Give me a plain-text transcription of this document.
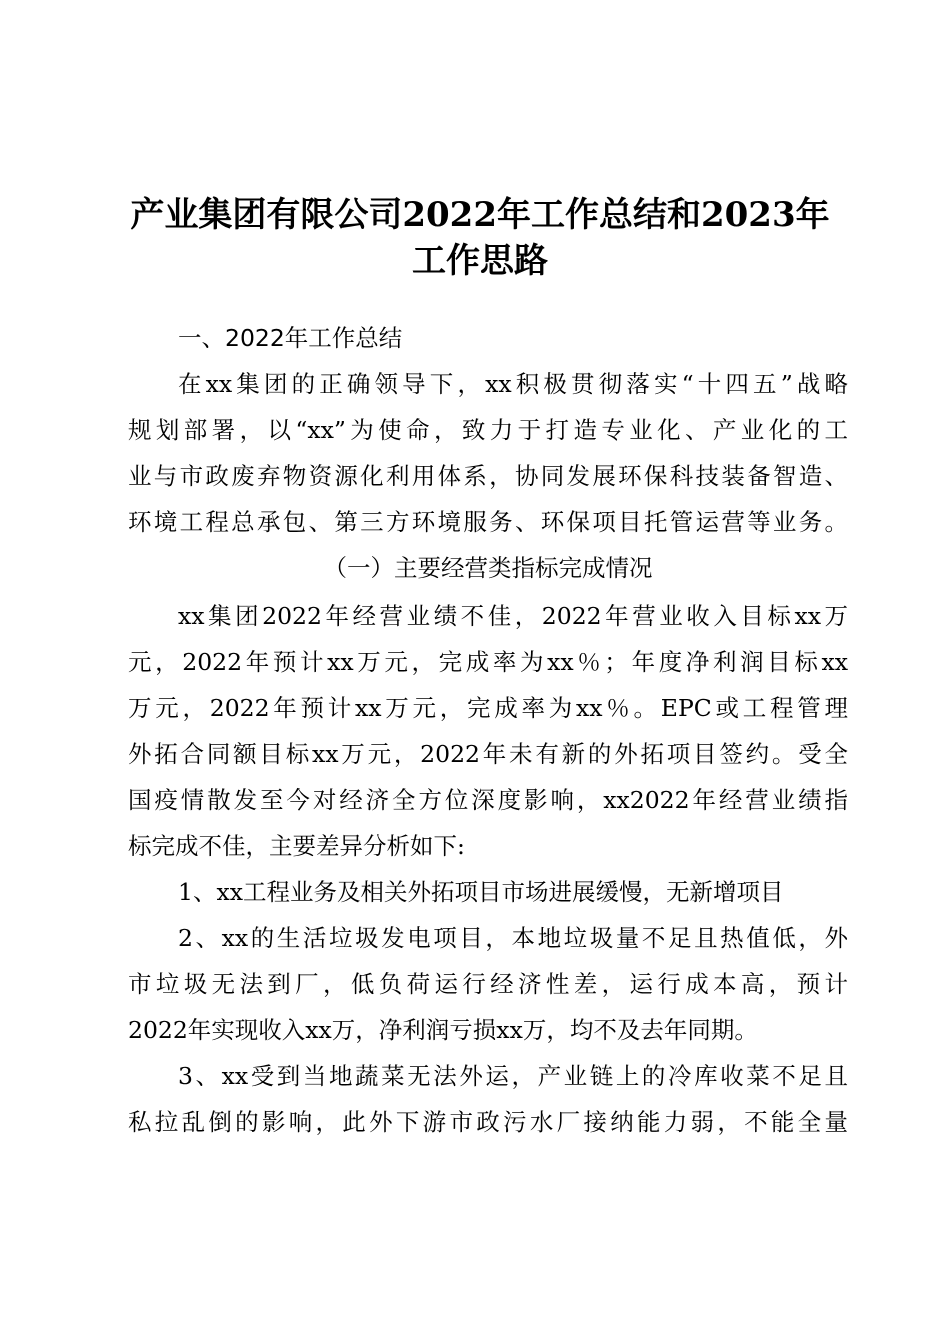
产业集团有限公司2022年工作总结和2023年
工作思路

一、2022年工作总结

在xx集团的正确领导下，xx积极贯彻落实“十四五”战略

规划部署，以“xx”为使命，致力于打造专业化、产业化的工

业与市政废弃物资源化利用体系，协同发展环保科技装备智造、

环境工程总承包、第三方环境服务、环保项目托管运营等业务。

（一）主要经营类指标完成情况

xx集团2022年经营业绩不佳，2022年营业收入目标xx万

元，2022年预计xx万元，完成率为xx％；年度净利润目标xx

万元，2022年预计xx万元，完成率为xx％。EPC或工程管理

外拓合同额目标xx万元，2022年未有新的外拓项目签约。受全

国疫情散发至今对经济全方位深度影响，xx2022年经营业绩指

标完成不佳，主要差异分析如下:

1、xx工程业务及相关外拓项目市场进展缓慢，无新增项目

2、xx的生活垃圾发电项目，本地垃圾量不足且热值低，外

市垃圾无法到厂，低负荷运行经济性差，运行成本高，预计

2022年实现收入xx万，净利润亏损xx万，均不及去年同期。

3、xx受到当地蔬菜无法外运，产业链上的冷库收菜不足且

私拉乱倒的影响，此外下游市政污水厂接纳能力弱，不能全量
